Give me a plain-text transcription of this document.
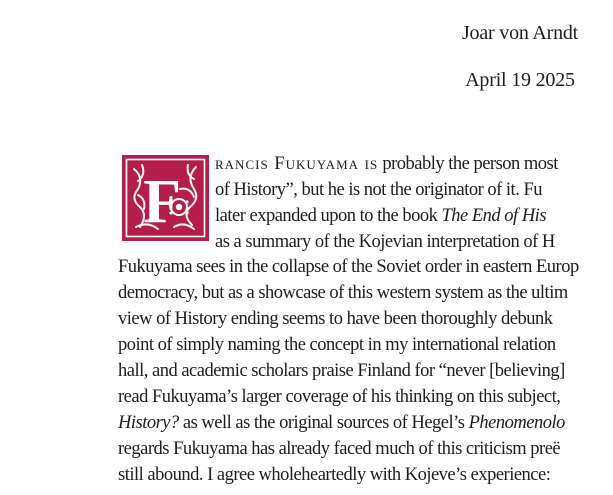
Joar von Arndt
April 19 2025
F
rancis Fukuyama is probably the person most
of History”, but he is not the originator of it. Fu
later expanded upon to the book The End of His
as a summary of the Kojevian interpretation of H
Fukuyama sees in the collapse of the Soviet order in eastern Europ
democracy, but as a showcase of this western system as the ultim
view of History ending seems to have been thoroughly debunk
point of simply naming the concept in my international relation
hall, and academic scholars praise Finland for “never [believing]
read Fukuyama’s larger coverage of his thinking on this subject,
History? as well as the original sources of Hegel’s Phenomenolo
regards Fukuyama has already faced much of this criticism preë
still abound. I agree wholeheartedly with Kojeve’s experience:
